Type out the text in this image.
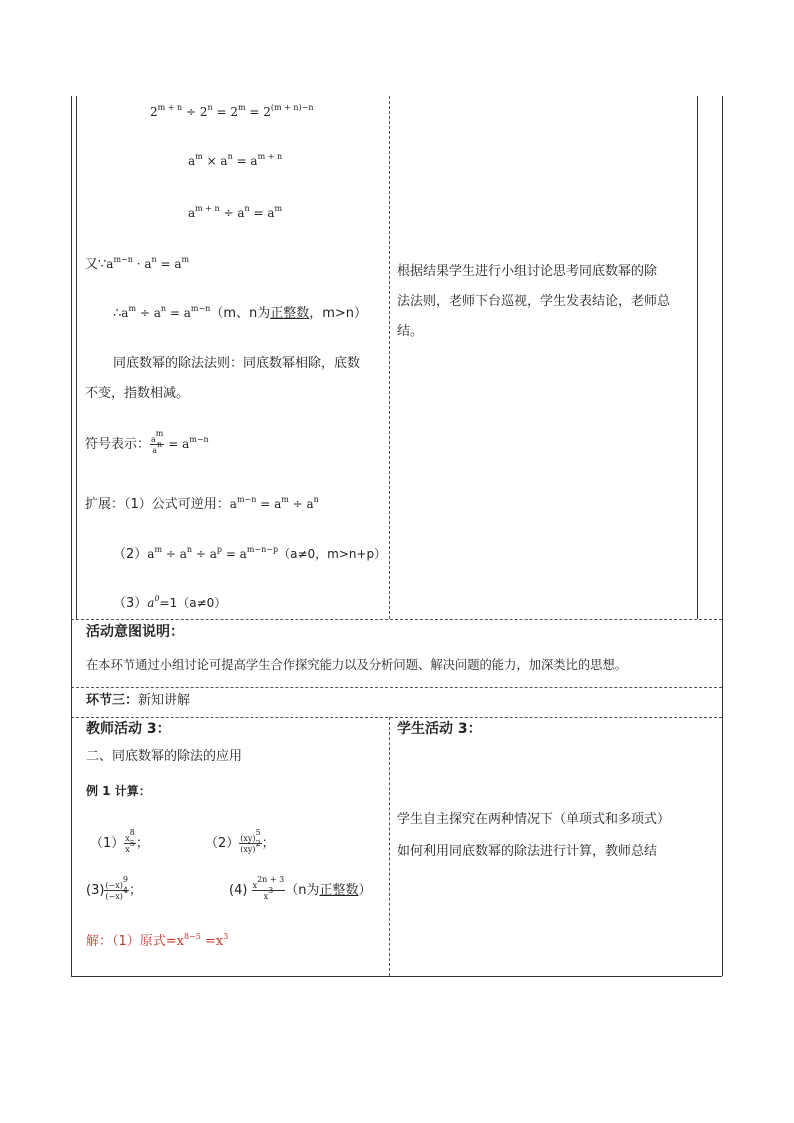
$2^{m + n} \div 2^n = 2^m = 2^{(m + n)-n}$
$a^m \times a^n = a^{m + n}$
$a^{m + n} \div a^n = a^m$
又$\because a^{m-n} \cdot a^n = a^m$
$\therefore a^m \div a^n = a^{m-n}(m$、n为正整数，m>n）
同底数幂的除法法则：同底数幂相除，底数
不变，指数相减。
符号表示： $\frac{a^m}{a^n} = a^{m-n}$
扩展：（1）公式可逆用：$a^{m-n} = a^m \div a^n$
$(2)a^m \div a^n \div a^p = a^{m-n-p}(a\ne 0$，m>n+p）
$(3)a^0=1(a\ne 0)$
根据结果学生进行小组讨论思考同底数幂的除
法法则，老师下台巡视，学生发表结论，老师总
结。
活动意图说明：
在本环节通过小组讨论可提高学生合作探究能力以及分析问题、解决问题的能力，加深类比的思想。
环节三：新知讲解
教师活动 3：
二、同底数幂的除法的应用
例 1 计算：
$(1) \frac{x^8}{x^5}$ ；	$(2) \frac{(xy)^5}{(xy)^2}$ ；
$(3) \frac{(-x)^9}{(-x)^4}$ ；	$(4) \frac{x^{2n + 3}}{x^3} (n$为正整数）
解：（1）原式$=x^{8-5} =x^3$
学生活动 3：
学生自主探究在两种情况下（单项式和多项式）
如何利用同底数幂的除法进行计算，教师总结
